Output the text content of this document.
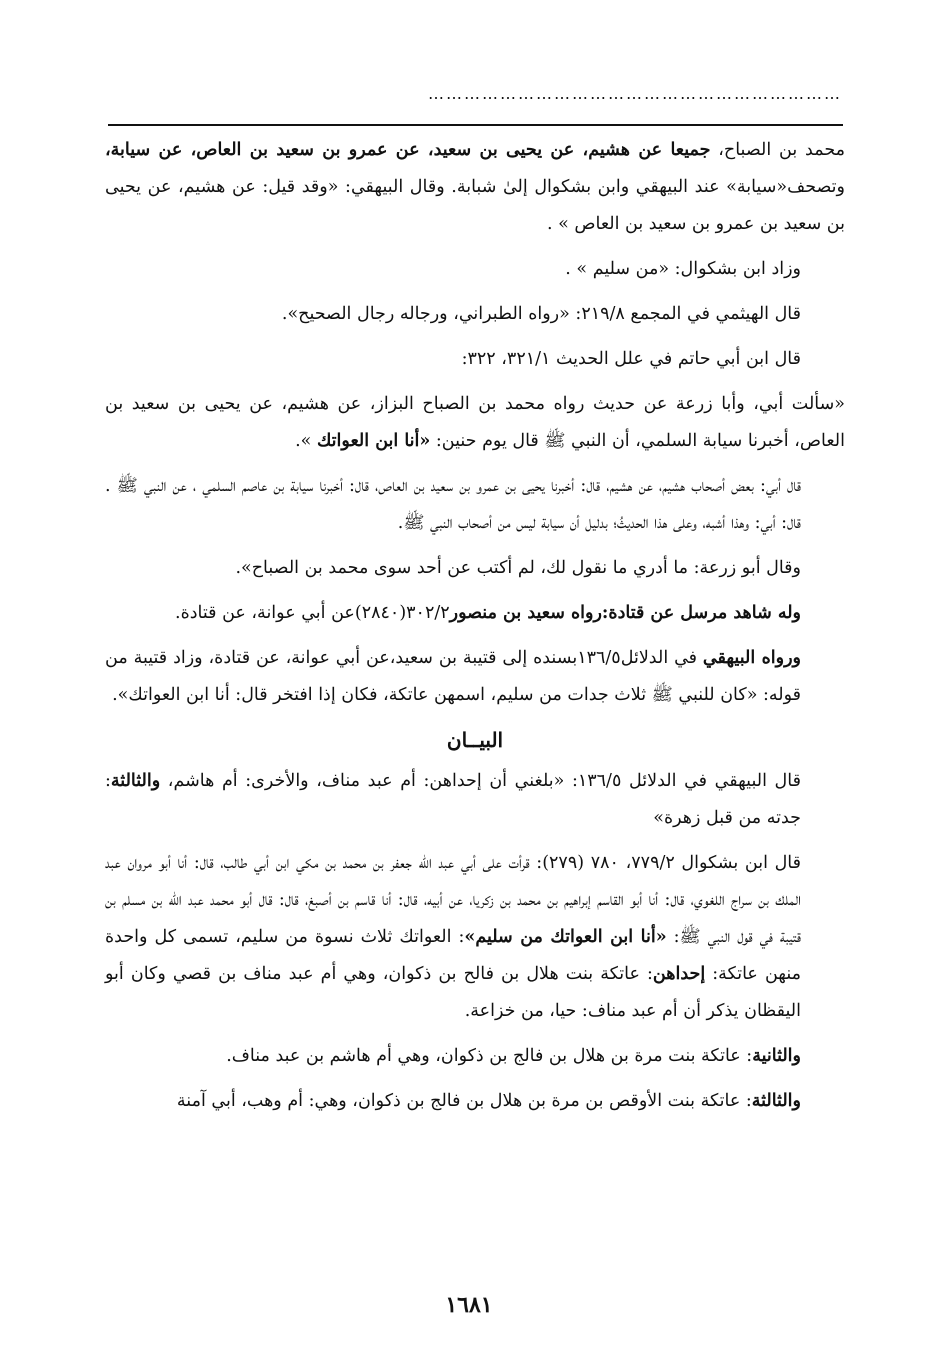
……………………………………………………………

محمد بن الصباح، جميعا عن هشيم، عن يحيى بن سعيد، عن عمرو بن سعيد بن العاص، عن سيابة، وتصحف«سيابة» عند البيهقي وابن بشكوال إلىٰ شبابة. وقال البيهقي: «وقد قيل: عن هشيم، عن يحيى بن سعيد بن عمرو بن سعيد بن العاص » .

وزاد ابن بشكوال: «من سليم » .

قال الهيثمي في المجمع ٢١٩/٨: «رواه الطبراني، ورجاله رجال الصحيح».

قال ابن أبي حاتم في علل الحديث ٣٢١/١، ٣٢٢:

«سألت أبي، وأبا زرعة عن حديث رواه محمد بن الصباح البزاز، عن هشيم، عن يحيى بن سعيد بن العاص، أخبرنا سيابة السلمي، أن النبي ﷺ قال يوم حنين: «أنا ابن العواتك ».

قال أبي: بعض أصحاب هشيم، عن هشيم، قال: أخبرنا يحيى بن عمرو بن سعيد بن العاص، قال: أخبرنا سيابة بن عاصم السلمي ، عن النبي ﷺ . قال: أبي: وهذا أشبه، وعلى هذا الحديثُ؛ بدليل أن سيابة ليس من أصحاب النبي ﷺ.

وقال أبو زرعة: ما أدري ما نقول لك، لم أكتب عن أحد سوى محمد بن الصباح».

وله شاهد مرسل عن قتادة:رواه سعيد بن منصور٣٠٢/٢(٢٨٤٠)عن أبي عوانة، عن قتادة.

ورواه البيهقي في الدلائل١٣٦/٥بسنده إلى قتيبة بن سعيد،عن أبي عوانة، عن قتادة، وزاد قتيبة من قوله: «كان للنبي ﷺ ثلاث جدات من سليم، اسمهن عاتكة، فكان إذا افتخر قال: أنا ابن العواتك».

البيــان

قال البيهقي في الدلائل ١٣٦/٥: «بلغني أن إحداهن: أم عبد مناف، والأخرى: أم هاشم، والثالثة: جدته من قبل زهرة»

قال ابن بشكوال ٧٧٩/٢، ٧٨٠ (٢٧٩): قرأت على أبي عبد الله جعفر بن محمد بن مكي ابن أبي طالب، قال: أنا أبو مروان عبد الملك بن سراج اللغوي، قال: أنا أبو القاسم إبراهيم بن محمد بن زكريا، عن أبيه، قال: أنا قاسم بن أصبغ، قال: قال أبو محمد عبد الله بن مسلم بن قتيبة في قول النبي ﷺ: «أنا ابن العواتك من سليم»: العواتك ثلاث نسوة من سليم، تسمى كل واحدة منهن عاتكة: إحداهن: عاتكة بنت هلال بن فالح بن ذكوان، وهي أم عبد مناف بن قصي وكان أبو اليقظان يذكر أن أم عبد مناف: حيا، من خزاعة.

والثانية: عاتكة بنت مرة بن هلال بن فالج بن ذكوان، وهي أم هاشم بن عبد مناف.

والثالثة: عاتكة بنت الأوقص بن مرة بن هلال بن فالج بن ذكوان، وهي: أم وهب، أبي آمنة

١٦٨١
